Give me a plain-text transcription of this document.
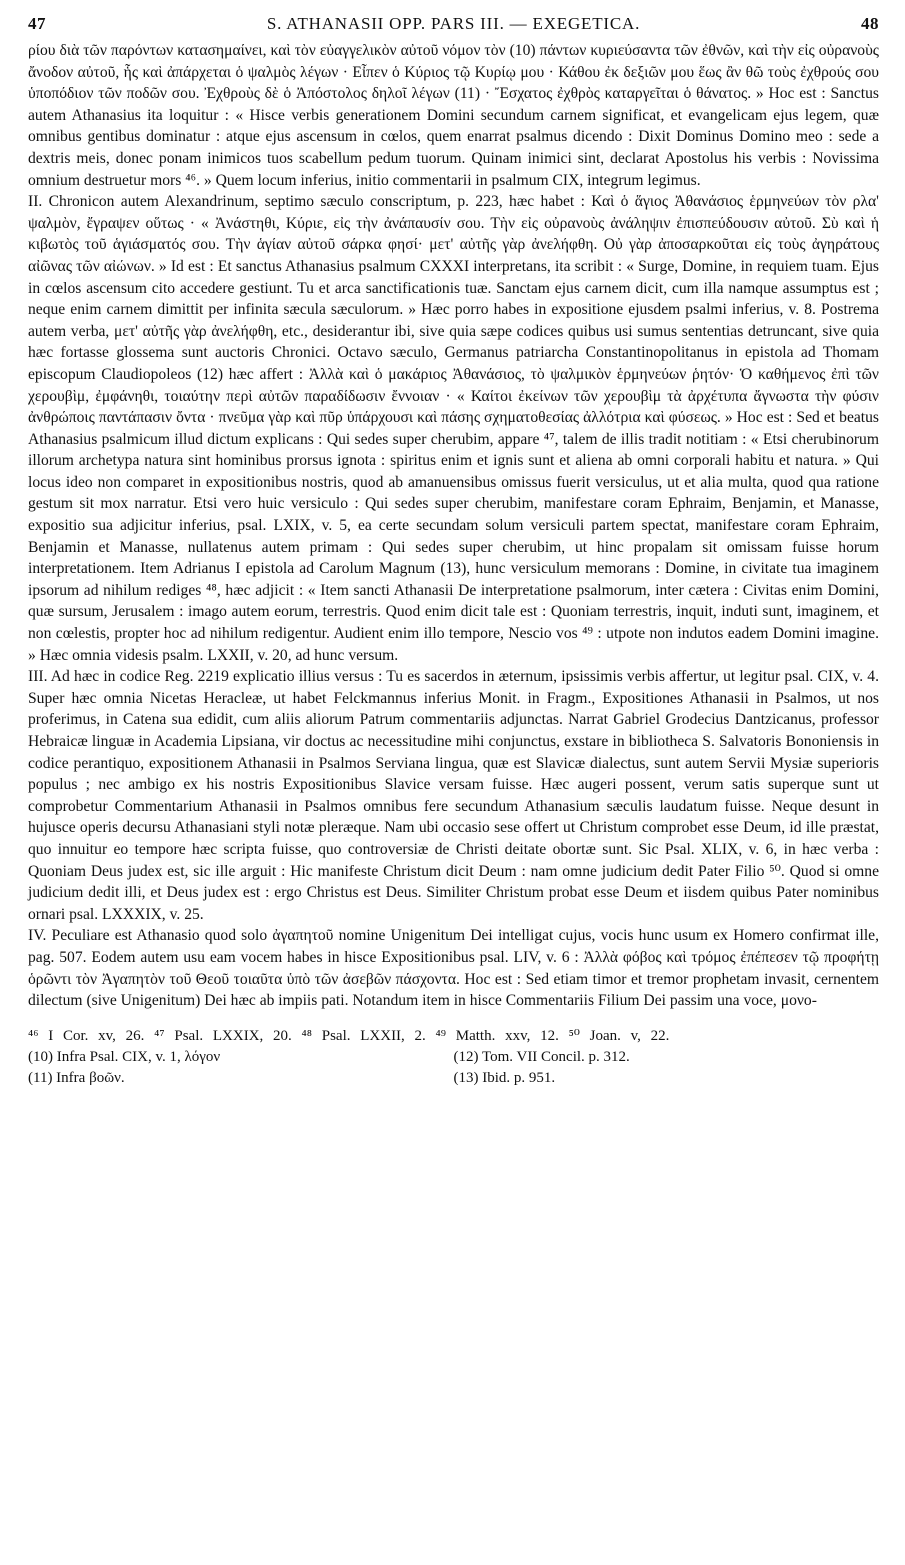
47	S. ATHANASII OPP. PARS III. — EXEGETICA.	48

ρίου διὰ τῶν παρόντων κατασημαίνει, καὶ τὸν εὐαγγελικὸν αὐτοῦ νόμον τὸν (10) πάντων κυριεύσαντα τῶν ἐθνῶν, καὶ τὴν εἰς οὐρανοὺς ἄνοδον αὐτοῦ, ἧς καὶ ἀπάρχεται ὁ ψαλμὸς λέγων · Εἶπεν ὁ Κύριος τῷ Κυρίῳ μου · Κάθου ἐκ δεξιῶν μου ἕως ἂν θῶ τοὺς ἐχθρούς σου ὑποπόδιον τῶν ποδῶν σου. Ἐχθροὺς δὲ ὁ Ἀπόστολος δηλοῖ λέγων (11) · Ἔσχατος ἐχθρὸς καταργεῖται ὁ θάνατος. » Hoc est : Sanctus autem Athanasius ita loquitur : « Hisce verbis generationem Domini secundum carnem significat, et evangelicam ejus legem, quæ omnibus gentibus dominatur : atque ejus ascensum in cœlos, quem enarrat psalmus dicendo : Dixit Dominus Domino meo : sede a dextris meis, donec ponam inimicos tuos scabellum pedum tuorum. Quinam inimici sint, declarat Apostolus his verbis : Novissima omnium destruetur mors ⁴⁶. » Quem locum inferius, initio commentarii in psalmum CIX, integrum legimus.

II. Chronicon autem Alexandrinum, septimo sæculo conscriptum, p. 223, hæc habet : Καὶ ὁ ἅγιος Ἀθανάσιος ἑρμηνεύων τὸν ρλα' ψαλμὸν, ἔγραψεν οὕτως · « Ἀνάστηθι, Κύριε, εἰς τὴν ἀνάπαυσίν σου. Τὴν εἰς οὐρανοὺς ἀνάληψιν ἐπισπεύδουσιν αὐτοῦ. Σὺ καὶ ἡ κιβωτὸς τοῦ ἁγιάσματός σου. Τὴν ἁγίαν αὐτοῦ σάρκα φησί· μετ' αὐτῆς γὰρ ἀνελήφθη. Οὐ γὰρ ἀποσαρκοῦται εἰς τοὺς ἀγηράτους αἰῶνας τῶν αἰώνων. » Id est : Et sanctus Athanasius psalmum CXXXI interpretans, ita scribit : « Surge, Domine, in requiem tuam. Ejus in cœlos ascensum cito accedere gestiunt. Tu et arca sanctificationis tuæ. Sanctam ejus carnem dicit, cum illa namque assumptus est ; neque enim carnem dimittit per infinita sæcula sæculorum. » Hæc porro habes in expositione ejusdem psalmi inferius, v. 8. Postrema autem verba, μετ' αὐτῆς γὰρ ἀνελήφθη, etc., desiderantur ibi, sive quia sæpe codices quibus usi sumus sententias detruncant, sive quia hæc fortasse glossema sunt auctoris Chronici. Octavo sæculo, Germanus patriarcha Constantinopolitanus in epistola ad Thomam episcopum Claudiopoleos (12) hæc affert : Ἀλλὰ καὶ ὁ μακάριος Ἀθανάσιος, τὸ ψαλμικὸν ἑρμηνεύων ῥητόν· Ὁ καθήμενος ἐπὶ τῶν χερουβὶμ, ἐμφάνηθι, τοιαύτην περὶ αὐτῶν παραδίδωσιν ἔννοιαν · « Καίτοι ἐκείνων τῶν χερουβὶμ τὰ ἀρχέτυπα ἄγνωστα τὴν φύσιν ἀνθρώποις παντάπασιν ὄντα · πνεῦμα γὰρ καὶ πῦρ ὑπάρχουσι καὶ πάσης σχηματοθεσίας ἀλλότρια καὶ φύσεως. » Hoc est : Sed et beatus Athanasius psalmicum illud dictum explicans : Qui sedes super cherubim, appare ⁴⁷, talem de illis tradit notitiam : « Etsi cherubinorum illorum archetypa natura sint hominibus prorsus ignota : spiritus enim et ignis sunt et aliena ab omni corporali habitu et natura. » Qui locus ideo non comparet in expositionibus nostris, quod ab amanuensibus omissus fuerit versiculus, ut et alia multa, quod qua ratione gestum sit mox narratur. Etsi vero huic versiculo : Qui sedes super cherubim, manifestare coram Ephraim, Benjamin, et Manasse, expositio sua adjicitur inferius, psal. LXIX, v. 5, ea certe secundam solum versiculi partem spectat, manifestare coram Ephraim, Benjamin et Manasse, nullatenus autem primam : Qui sedes super cherubim, ut hinc propalam sit omissam fuisse horum interpretationem. Item Adrianus I epistola ad Carolum Magnum (13), hunc versiculum memorans : Domine, in civitate tua imaginem ipsorum ad nihilum rediges ⁴⁸, hæc adjicit : « Item sancti Athanasii De interpretatione psalmorum, inter cætera : Civitas enim Domini, quæ sursum, Jerusalem : imago autem eorum, terrestris. Quod enim dicit tale est : Quoniam terrestris, inquit, induti sunt, imaginem, et non cœlestis, propter hoc ad nihilum redigentur. Audient enim illo tempore, Nescio vos ⁴⁹ : utpote non indutos eadem Domini imagine. » Hæc omnia videsis psalm. LXXII, v. 20, ad hunc versum.

III. Ad hæc in codice Reg. 2219 explicatio illius versus : Tu es sacerdos in æternum, ipsissimis verbis affertur, ut legitur psal. CIX, v. 4. Super hæc omnia Nicetas Heracleæ, ut habet Felckmannus inferius Monit. in Fragm., Expositiones Athanasii in Psalmos, ut nos proferimus, in Catena sua edidit, cum aliis aliorum Patrum commentariis adjunctas. Narrat Gabriel Grodecius Dantzicanus, professor Hebraicæ linguæ in Academia Lipsiana, vir doctus ac necessitudine mihi conjunctus, exstare in bibliotheca S. Salvatoris Bononiensis in codice perantiquo, expositionem Athanasii in Psalmos Serviana lingua, quæ est Slavicæ dialectus, sunt autem Servii Mysiæ superioris populus ; nec ambigo ex his nostris Expositionibus Slavice versam fuisse. Hæc augeri possent, verum satis superque sunt ut comprobetur Commentarium Athanasii in Psalmos omnibus fere secundum Athanasium sæculis laudatum fuisse. Neque desunt in hujusce operis decursu Athanasiani styli notæ pleræque. Nam ubi occasio sese offert ut Christum comprobet esse Deum, id ille præstat, quo innuitur eo tempore hæc scripta fuisse, quo controversiæ de Christi deitate obortæ sunt. Sic Psal. XLIX, v. 6, in hæc verba : Quoniam Deus judex est, sic ille arguit : Hic manifeste Christum dicit Deum : nam omne judicium dedit Pater Filio ⁵⁰. Quod si omne judicium dedit illi, et Deus judex est : ergo Christus est Deus. Similiter Christum probat esse Deum et iisdem quibus Pater nominibus ornari psal. LXXXIX, v. 25.

IV. Peculiare est Athanasio quod solo ἀγαπητοῦ nomine Unigenitum Dei intelligat cujus, vocis hunc usum ex Homero confirmat ille, pag. 507. Eodem autem usu eam vocem habes in hisce Expositionibus psal. LIV, v. 6 : Ἀλλὰ φόβος καὶ τρόμος ἐπέπεσεν τῷ προφήτῃ ὁρῶντι τὸν Ἀγαπητὸν τοῦ Θεοῦ τοιαῦτα ὑπὸ τῶν ἀσεβῶν πάσχοντα. Hoc est : Sed etiam timor et tremor prophetam invasit, cernentem dilectum (sive Unigenitum) Dei hæc ab impiis pati. Notandum item in hisce Commentariis Filium Dei passim una voce, μονο-

⁴⁶ I Cor. xv, 26. ⁴⁷ Psal. LXXIX, 20. ⁴⁸ Psal. LXXII, 2. ⁴⁹ Matth. xxv, 12. ⁵⁰ Joan. v, 22.
(10) Infra Psal. CIX, v. 1, λόγον	(12) Tom. VII Concil. p. 312.
(11) Infra βοῶν.	(13) Ibid. p. 951.
